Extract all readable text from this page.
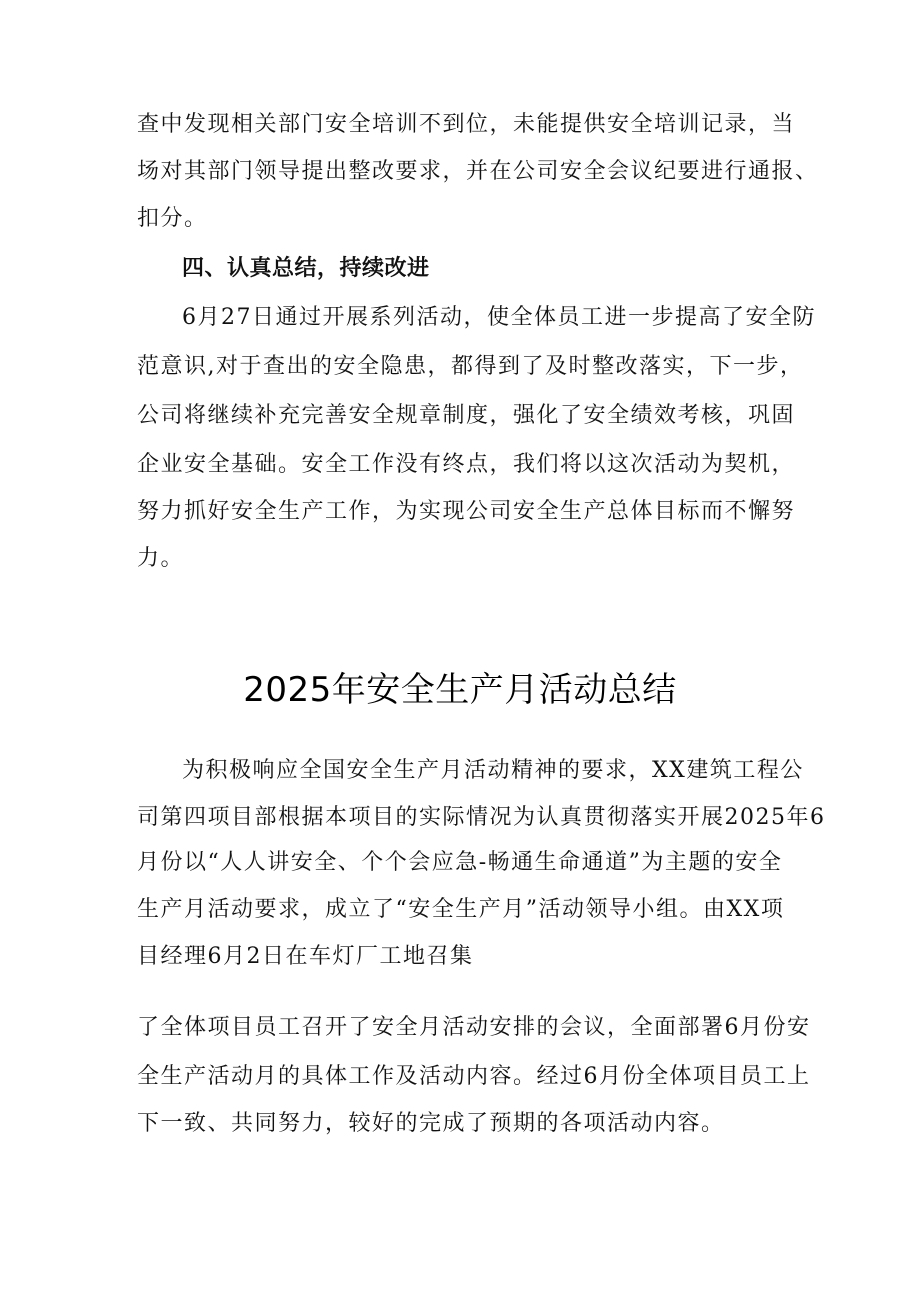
查中发现相关部门安全培训不到位，未能提供安全培训记录，当
场对其部门领导提出整改要求，并在公司安全会议纪要进行通报、
扣分。
四、认真总结，持续改进
6月27日通过开展系列活动，使全体员工进一步提高了安全防
范意识,对于查出的安全隐患，都得到了及时整改落实，下一步，
公司将继续补充完善安全规章制度，强化了安全绩效考核，巩固
企业安全基础。安全工作没有终点，我们将以这次活动为契机，
努力抓好安全生产工作，为实现公司安全生产总体目标而不懈努
力。
2025年安全生产月活动总结
为积极响应全国安全生产月活动精神的要求，XX建筑工程公
司第四项目部根据本项目的实际情况为认真贯彻落实开展2025年6
月份以“人人讲安全、个个会应急-畅通生命通道”为主题的安全
生产月活动要求，成立了“安全生产月”活动领导小组。由XX项
目经理6月2日在车灯厂工地召集
了全体项目员工召开了安全月活动安排的会议，全面部署6月份安
全生产活动月的具体工作及活动内容。经过6月份全体项目员工上
下一致、共同努力，较好的完成了预期的各项活动内容。
